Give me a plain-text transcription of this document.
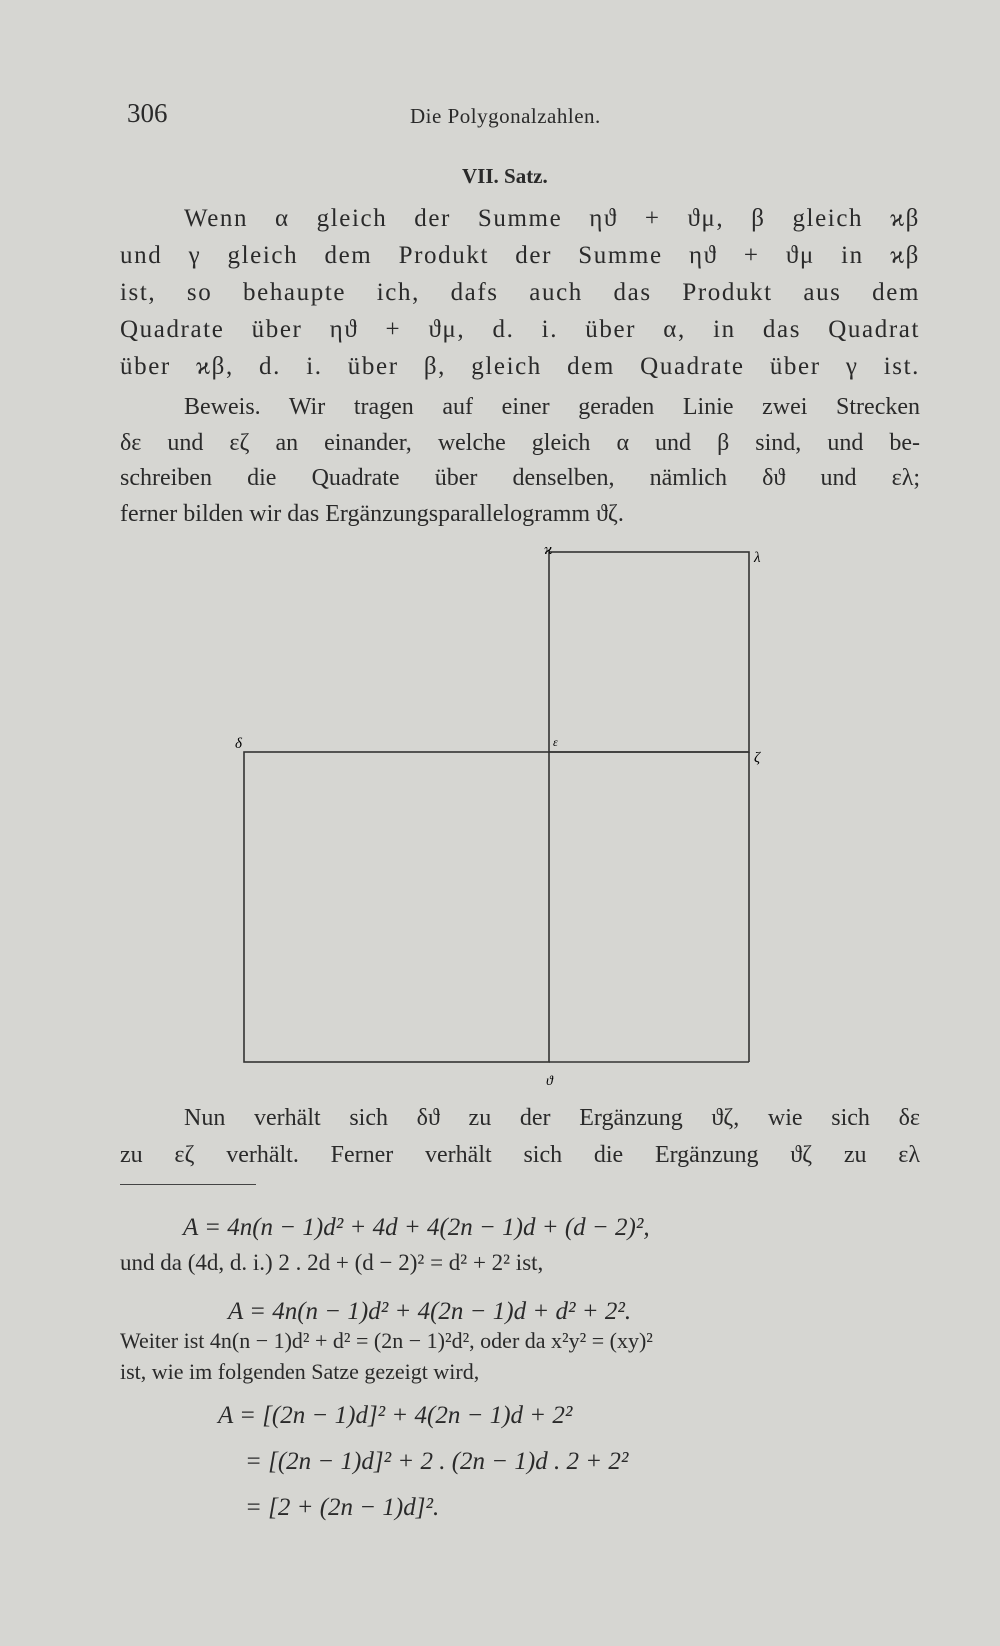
306	Die Polygonalzahlen.
VII. Satz.
Wenn α gleich der Summe ηϑ + ϑμ, β gleich ϰβ
und γ gleich dem Produkt der Summe ηϑ + ϑμ in ϰβ
ist, so behaupte ich, dafs auch das Produkt aus dem
Quadrate über ηϑ + ϑμ, d. i. über α, in das Quadrat
über ϰβ, d. i. über β, gleich dem Quadrate über γ ist.
Beweis. Wir tragen auf einer geraden Linie zwei Strecken
δε und εζ an einander, welche gleich α und β sind, und be-
schreiben die Quadrate über denselben, nämlich δϑ und ελ;
ferner bilden wir das Ergänzungsparallelogramm ϑζ.
ϰ	λ
δ	ε
ζ
ϑ
Nun verhält sich δϑ zu der Ergänzung ϑζ, wie sich δε
zu εζ verhält. Ferner verhält sich die Ergänzung ϑζ zu ελ
A = 4n(n − 1)d² + 4d + 4(2n − 1)d + (d − 2)²,
und da (4d, d. i.) 2 . 2d + (d − 2)² = d² + 2² ist,
A = 4n(n − 1)d² + 4(2n − 1)d + d² + 2².
Weiter ist 4n(n − 1)d² + d² = (2n − 1)²d², oder da x²y² = (xy)²
ist, wie im folgenden Satze gezeigt wird,
A = [(2n − 1)d]² + 4(2n − 1)d + 2²
= [(2n − 1)d]² + 2 . (2n − 1)d . 2 + 2²
= [2 + (2n − 1)d]².
